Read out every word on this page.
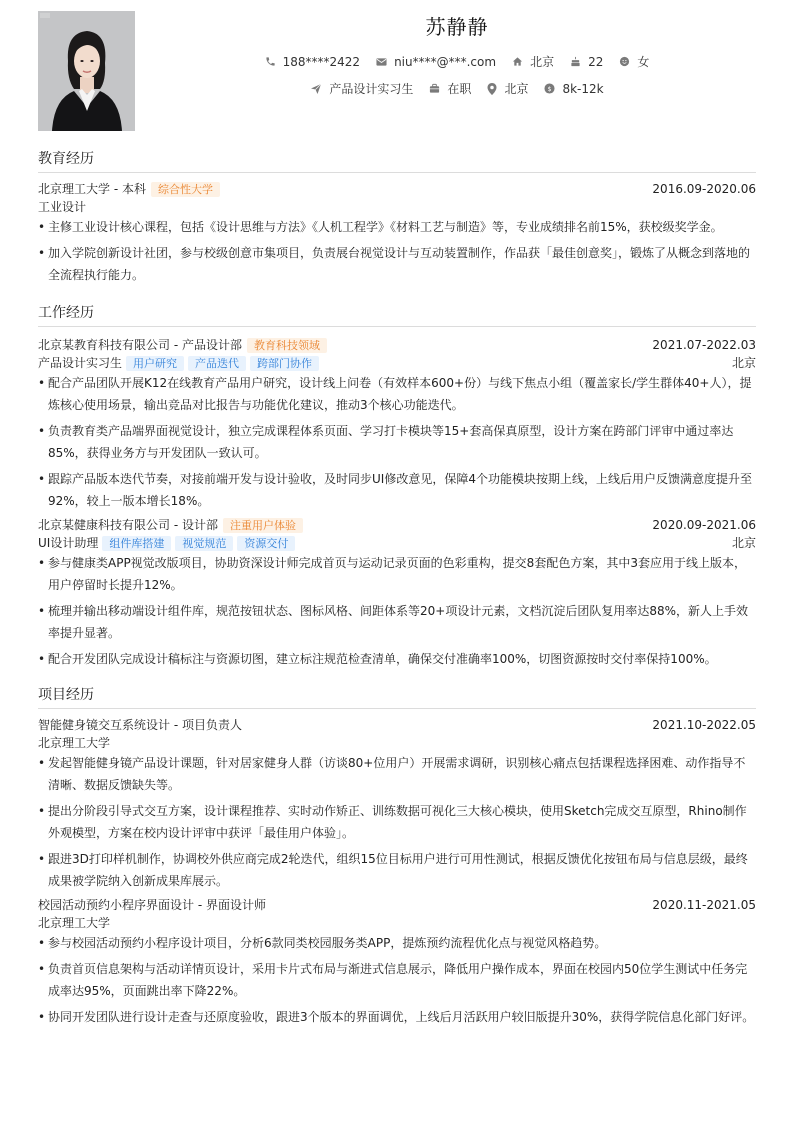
苏静静
188****2422	niu****@***.com	北京	22	女
产品设计实习生	在职	北京 $ 8k-12k
教育经历
北京理工大学 - 本科	综合性大学	2016.09-2020.06
工业设计
• 主修工业设计核心课程，包括《设计思维与方法》《人机工程学》《材料工艺与制造》等，专业成绩排名前15%，获校级奖学金。
• 加入学院创新设计社团，参与校级创意市集项目，负责展台视觉设计与互动装置制作，作品获「最佳创意奖」，锻炼了从概念到落地的全流程执行能力。
工作经历
北京某教育科技有限公司 - 产品设计部	教育科技领域	2021.07-2022.03
产品设计实习生	用户研究	产品迭代	跨部门协作	北京
• 配合产品团队开展K12在线教育产品用户研究，设计线上问卷（有效样本600+份）与线下焦点小组（覆盖家长/学生群体40+人），提炼核心使用场景，输出竞品对比报告与功能优化建议，推动3个核心功能迭代。
• 负责教育类产品端界面视觉设计，独立完成课程体系页面、学习打卡模块等15+套高保真原型，设计方案在跨部门评审中通过率达85%，获得业务方与开发团队一致认可。
• 跟踪产品版本迭代节奏，对接前端开发与设计验收，及时同步UI修改意见，保障4个功能模块按期上线，上线后用户反馈满意度提升至92%，较上一版本增长18%。
北京某健康科技有限公司 - 设计部	注重用户体验	2020.09-2021.06
UI设计助理	组件库搭建	视觉规范	资源交付	北京
• 参与健康类APP视觉改版项目，协助资深设计师完成首页与运动记录页面的色彩重构，提交8套配色方案，其中3套应用于线上版本，用户停留时长提升12%。
• 梳理并输出移动端设计组件库，规范按钮状态、图标风格、间距体系等20+项设计元素，文档沉淀后团队复用率达88%，新人上手效率提升显著。
• 配合开发团队完成设计稿标注与资源切图，建立标注规范检查清单，确保交付准确率100%，切图资源按时交付率保持100%。
项目经历
智能健身镜交互系统设计 - 项目负责人	2021.10-2022.05
北京理工大学
• 发起智能健身镜产品设计课题，针对居家健身人群（访谈80+位用户）开展需求调研，识别核心痛点包括课程选择困难、动作指导不清晰、数据反馈缺失等。
• 提出分阶段引导式交互方案，设计课程推荐、实时动作矫正、训练数据可视化三大核心模块，使用Sketch完成交互原型，Rhino制作外观模型，方案在校内设计评审中获评「最佳用户体验」。
• 跟进3D打印样机制作，协调校外供应商完成2轮迭代，组织15位目标用户进行可用性测试，根据反馈优化按钮布局与信息层级，最终成果被学院纳入创新成果库展示。
校园活动预约小程序界面设计 - 界面设计师	2020.11-2021.05
北京理工大学
• 参与校园活动预约小程序设计项目，分析6款同类校园服务类APP，提炼预约流程优化点与视觉风格趋势。
• 负责首页信息架构与活动详情页设计，采用卡片式布局与渐进式信息展示，降低用户操作成本，界面在校园内50位学生测试中任务完成率达95%，页面跳出率下降22%。
• 协同开发团队进行设计走查与还原度验收，跟进3个版本的界面调优，上线后月活跃用户较旧版提升30%，获得学院信息化部门好评。
